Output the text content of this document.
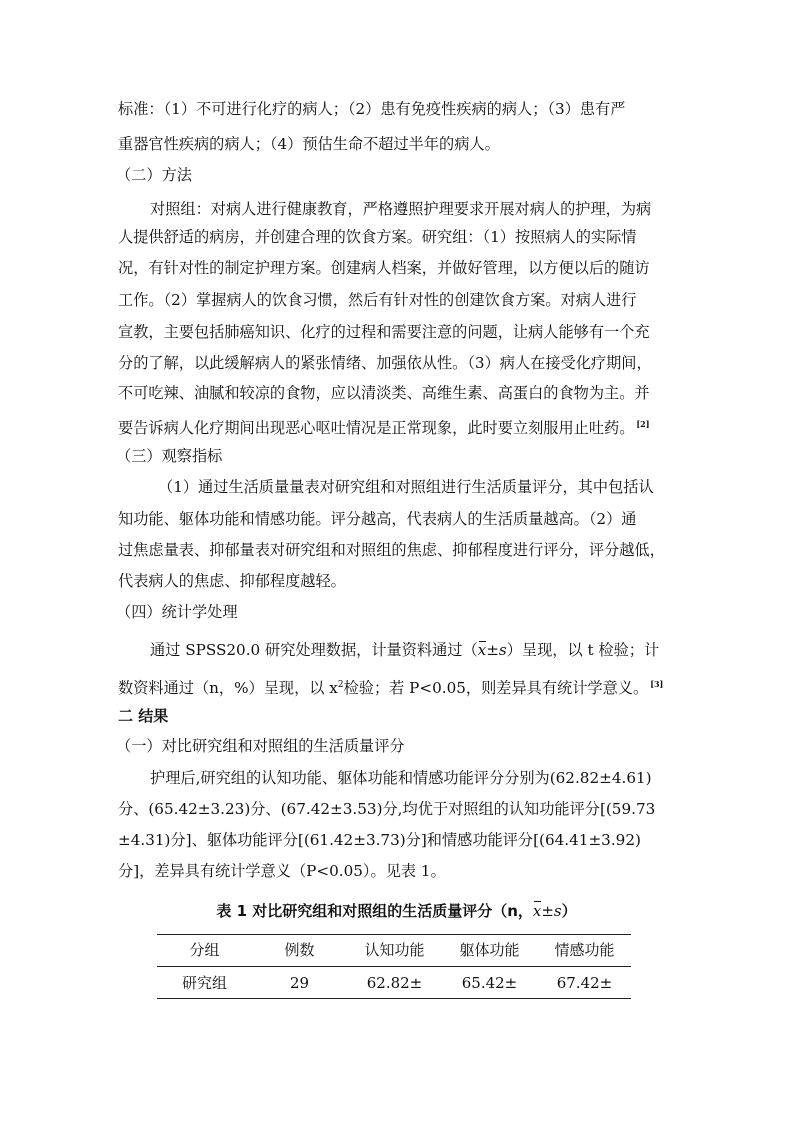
标准：（1）不可进行化疗的病人；（2）患有免疫性疾病的病人；（3）患有严
重器官性疾病的病人；（4）预估生命不超过半年的病人。
（二）方法
对照组：对病人进行健康教育，严格遵照护理要求开展对病人的护理，为病
人提供舒适的病房，并创建合理的饮食方案。研究组：（1）按照病人的实际情
况，有针对性的制定护理方案。创建病人档案，并做好管理，以方便以后的随访
工作。（2）掌握病人的饮食习惯，然后有针对性的创建饮食方案。对病人进行
宣教，主要包括肺癌知识、化疗的过程和需要注意的问题，让病人能够有一个充
分的了解，以此缓解病人的紧张情绪、加强依从性。（3）病人在接受化疗期间，
不可吃辣、油腻和较凉的食物，应以清淡类、高维生素、高蛋白的食物为主。并
要告诉病人化疗期间出现恶心呕吐情况是正常现象，此时要立刻服用止吐药。 [2]
（三）观察指标
（1）通过生活质量量表对研究组和对照组进行生活质量评分，其中包括认
知功能、躯体功能和情感功能。评分越高，代表病人的生活质量越高。（2）通
过焦虑量表、抑郁量表对研究组和对照组的焦虑、抑郁程度进行评分，评分越低，
代表病人的焦虑、抑郁程度越轻。
（四）统计学处理
通过 SPSS20.0 研究处理数据，计量资料通过（
x±s）呈现，以 t 检验；计
数资料通过（n，%）呈现，以 $x^2$检验；若 P<0.05，则差异具有统计学意义。 [3]
二 结果
（一）对比研究组和对照组的生活质量评分
护理后,研究组的认知功能、躯体功能和情感功能评分分别为(62.82±4.61)
分、(65.42±3.23)分、(67.42±3.53)分,均优于对照组的认知功能评分[(59.73
±4.31)分]、躯体功能评分[(61.42±3.73)分]和情感功能评分[(64.41±3.92)
分]，差异具有统计学意义（P<0.05）。见表 1。
表 1 对比研究组和对照组的生活质量评分（n，
x±s）
分组	例数	认知功能	躯体功能	情感功能
研究组	29	62.82±	65.42±	67.42±
